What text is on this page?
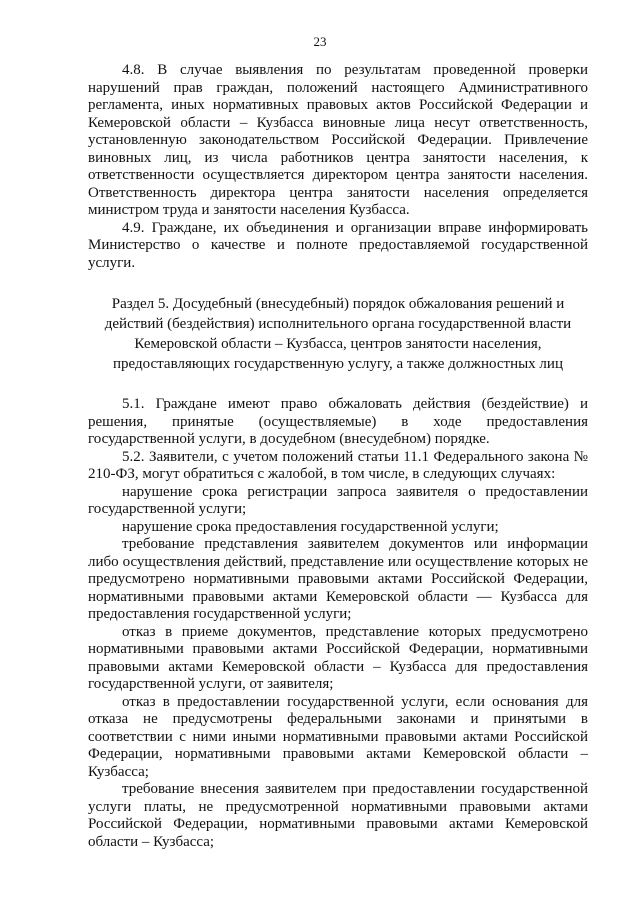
23

4.8. В случае выявления по результатам проведенной проверки нарушений прав граждан, положений настоящего Административного регламента, иных нормативных правовых актов Российской Федерации и Кемеровской области – Кузбасса виновные лица несут ответственность, установленную законодательством Российской Федерации. Привлечение виновных лиц, из числа работников центра занятости населения, к ответственности осуществляется директором центра занятости населения. Ответственность директора центра занятости населения определяется министром труда и занятости населения Кузбасса.

4.9. Граждане, их объединения и организации вправе информировать Министерство о качестве и полноте предоставляемой государственной услуги.

Раздел 5. Досудебный (внесудебный) порядок обжалования решений и действий (бездействия) исполнительного органа государственной власти Кемеровской области – Кузбасса, центров занятости населения, предоставляющих государственную услугу, а также должностных лиц

5.1. Граждане имеют право обжаловать действия (бездействие) и решения, принятые (осуществляемые) в ходе предоставления государственной услуги, в досудебном (внесудебном) порядке.

5.2. Заявители, с учетом положений статьи 11.1 Федерального закона № 210-ФЗ, могут обратиться с жалобой, в том числе, в следующих случаях:

нарушение срока регистрации запроса заявителя о предоставлении государственной услуги;

нарушение срока предоставления государственной услуги;

требование представления заявителем документов или информации либо осуществления действий, представление или осуществление которых не предусмотрено нормативными правовыми актами Российской Федерации, нормативными правовыми актами Кемеровской области — Кузбасса для предоставления государственной услуги;

отказ в приеме документов, представление которых предусмотрено нормативными правовыми актами Российской Федерации, нормативными правовыми актами Кемеровской области – Кузбасса для предоставления государственной услуги, от заявителя;

отказ в предоставлении государственной услуги, если основания для отказа не предусмотрены федеральными законами и принятыми в соответствии с ними иными нормативными правовыми актами Российской Федерации, нормативными правовыми актами Кемеровской области – Кузбасса;

требование внесения заявителем при предоставлении государственной услуги платы, не предусмотренной нормативными правовыми актами Российской Федерации, нормативными правовыми актами Кемеровской области – Кузбасса;
